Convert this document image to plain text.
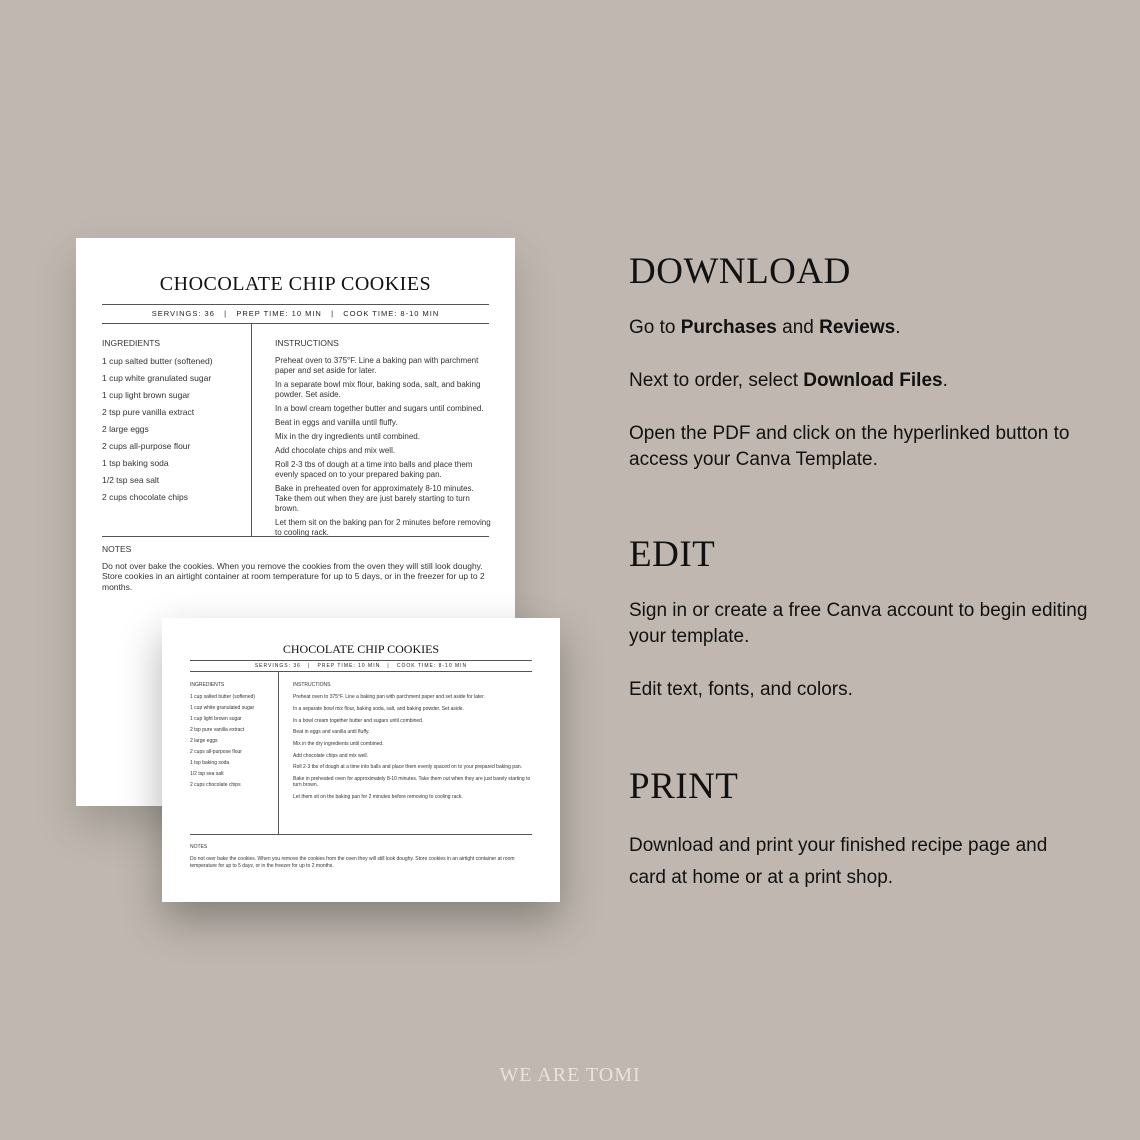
CHOCOLATE CHIP COOKIES
SERVINGS: 36   |   PREP TIME: 10 MIN   |   COOK TIME: 8-10 MIN
INGREDIENTS
1 cup salted butter (softened)
1 cup white granulated sugar
1 cup light brown sugar
2 tsp pure vanilla extract
2 large eggs
2 cups all-purpose flour
1 tsp baking soda
1/2 tsp sea salt
2 cups chocolate chips
INSTRUCTIONS
Preheat oven to 375°F. Line a baking pan with parchment paper and set aside for later.
In a separate bowl mix flour, baking soda, salt, and baking powder. Set aside.
In a bowl cream together butter and sugars until combined.
Beat in eggs and vanilla until fluffy.
Mix in the dry ingredients until combined.
Add chocolate chips and mix well.
Roll 2-3 tbs of dough at a time into balls and place them evenly spaced on to your prepared baking pan.
Bake in preheated oven for approximately 8-10 minutes. Take them out when they are just barely starting to turn brown.
Let them sit on the baking pan for 2 minutes before removing to cooling rack.
NOTES
Do not over bake the cookies. When you remove the cookies from the oven they will still look doughy. Store cookies in an airtight container at room temperature for up to 5 days, or in the freezer for up to 2 months.
CHOCOLATE CHIP COOKIES
SERVINGS: 36   |   PREP TIME: 10 MIN   |   COOK TIME: 8-10 MIN
INGREDIENTS
1 cup salted butter (softened)
1 cup white granulated sugar
1 cup light brown sugar
2 tsp pure vanilla extract
2 large eggs
2 cups all-purpose flour
1 tsp baking soda
1/2 tsp sea salt
2 cups chocolate chips
INSTRUCTIONS
Preheat oven to 375°F. Line a baking pan with parchment paper and set aside for later.
In a separate bowl mix flour, baking soda, salt, and baking powder. Set aside.
In a bowl cream together butter and sugars until combined.
Beat in eggs and vanilla until fluffy.
Mix in the dry ingredients until combined.
Add chocolate chips and mix well.
Roll 2-3 tbs of dough at a time into balls and place them evenly spaced on to your prepared baking pan.
Bake in preheated oven for approximately 8-10 minutes. Take them out when they are just barely starting to turn brown.
Let them sit on the baking pan for 2 minutes before removing to cooling rack.
NOTES
Do not over bake the cookies. When you remove the cookies from the oven they will still look doughy. Store cookies in an airtight container at room temperature for up to 5 days, or in the freezer for up to 2 months.
DOWNLOAD

Go to Purchases and Reviews.

Next to order, select Download Files.

Open the PDF and click on the hyperlinked button to access your Canva Template.

EDIT

Sign in or create a free Canva account to begin editing your template.

Edit text, fonts, and colors.

PRINT

Download and print your finished recipe page and card at home or at a print shop.

WE ARE TOMI
